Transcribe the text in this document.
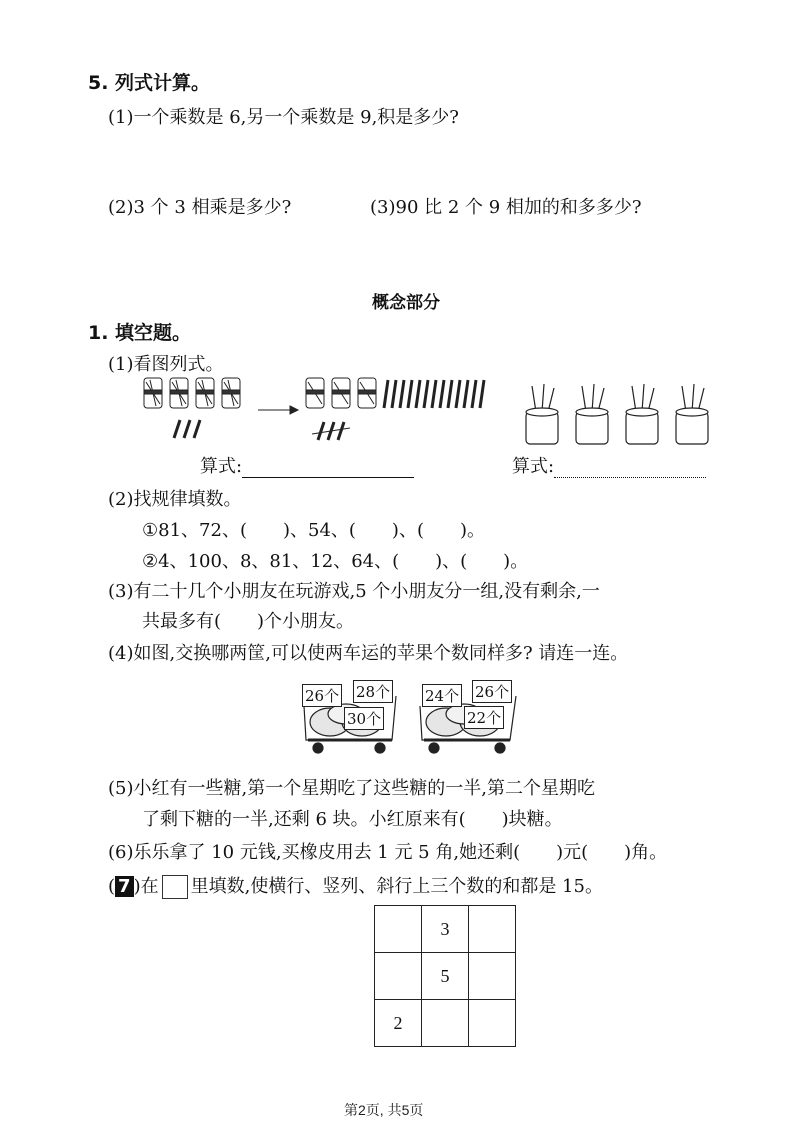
5. 列式计算。
(1)一个乘数是 6,另一个乘数是 9,积是多少?
(2)3 个 3 相乘是多少?	(3)90 比 2 个 9 相加的和多多少?
概念部分
1. 填空题。
(1)看图列式。
算式:	算式:
(2)找规律填数。
①81、72、(　　)、54、(　　)、(　　)。
②4、100、8、81、12、64、(　　)、(　　)。
(3)有二十几个小朋友在玩游戏,5 个小朋友分一组,没有剩余,一
共最多有(　　)个小朋友。
(4)如图,交换哪两筐,可以使两车运的苹果个数同样多? 请连一连。
26个 28个
30个
24个 26个
22个
(5)小红有一些糖,第一个星期吃了这些糖的一半,第二个星期吃
了剩下糖的一半,还剩 6 块。小红原来有(　　)块糖。
(6)乐乐拿了 10 元钱,买橡皮用去 1 元 5 角,她还剩(　　)元(　　)角。
( 7 )在 里填数,使横行、竖列、斜行上三个数的和都是 15。
	3	
	5	
2		
第2页, 共5页
